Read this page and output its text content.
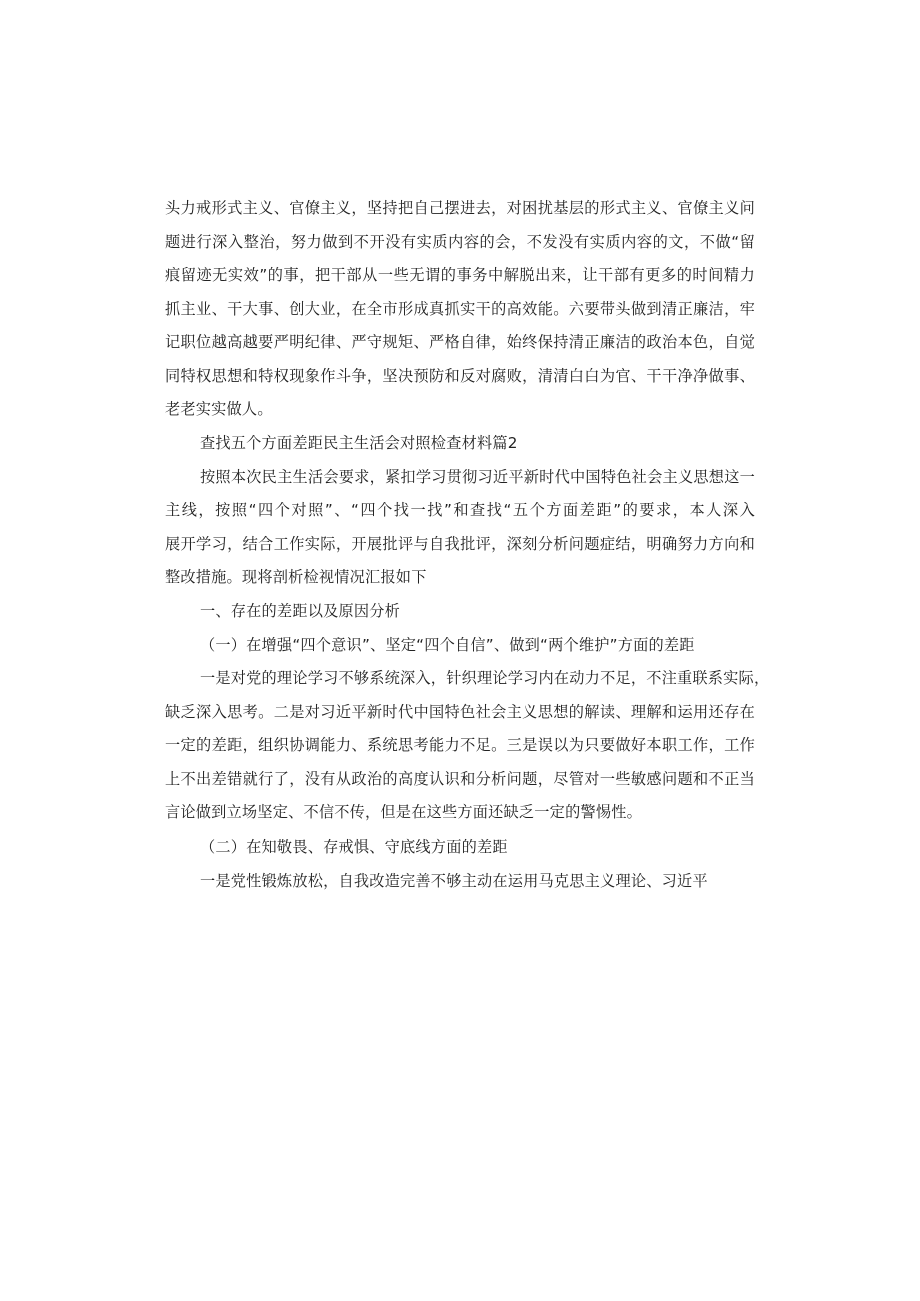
头力戒形式主义、官僚主义，坚持把自己摆进去，对困扰基层的形式主义、官僚主义问
题进行深入整治，努力做到不开没有实质内容的会，不发没有实质内容的文，不做“留
痕留迹无实效”的事，把干部从一些无谓的事务中解脱出来，让干部有更多的时间精力
抓主业、干大事、创大业，在全市形成真抓实干的高效能。六要带头做到清正廉洁，牢
记职位越高越要严明纪律、严守规矩、严格自律，始终保持清正廉洁的政治本色，自觉
同特权思想和特权现象作斗争，坚决预防和反对腐败，清清白白为官、干干净净做事、
老老实实做人。
查找五个方面差距民主生活会对照检查材料篇2
按照本次民主生活会要求，紧扣学习贯彻习近平新时代中国特色社会主义思想这一
主线，按照“四个对照”、“四个找一找”和查找“五个方面差距”的要求，本人深入
展开学习，结合工作实际，开展批评与自我批评，深刻分析问题症结，明确努力方向和
整改措施。现将剖析检视情况汇报如下
一、存在的差距以及原因分析
（一）在增强“四个意识”、坚定“四个自信”、做到“两个维护”方面的差距
一是对党的理论学习不够系统深入，针织理论学习内在动力不足，不注重联系实际，
缺乏深入思考。二是对习近平新时代中国特色社会主义思想的解读、理解和运用还存在
一定的差距，组织协调能力、系统思考能力不足。三是误以为只要做好本职工作，工作
上不出差错就行了，没有从政治的高度认识和分析问题，尽管对一些敏感问题和不正当
言论做到立场坚定、不信不传，但是在这些方面还缺乏一定的警惕性。
（二）在知敬畏、存戒惧、守底线方面的差距
一是党性锻炼放松，自我改造完善不够主动在运用马克思主义理论、习近平
